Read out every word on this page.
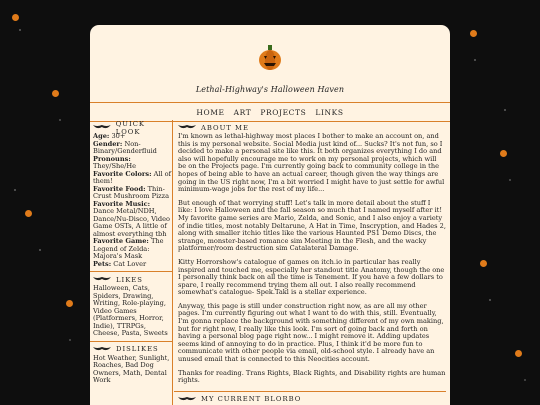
Lethal-Highway's Halloween Haven
HOME ART PROJECTS LINKS
QUICK LOOK
Age: 30+
Gender: Non-Binary/Genderfluid
Pronouns: They/She/He
Favorite Colors: All of them!
Favorite Food: Thin-Crust Mushroom Pizza
Favorite Music: Dance Metal/NDH, Dance/Nu-Disco, Video Game OSTs, A little of almost everything tbh
Favorite Game: The Legend of Zelda: Majora's Mask
Pets: Cat Lover
LIKES
Halloween, Cats, Spiders, Drawing, Writing, Role-playing, Video Games (Platformers, Horror, Indie), TTRPGs, Cheese, Pasta, Sweets
DISLIKES
Hot Weather, Sunlight, Roaches, Bad Dog Owners, Math, Dental Work
ABOUT ME

I'm known as lethal-highway most places I bother to make an account on, and this is my personal website. Social Media just kind of... Sucks? It's not fun, so I decided to make a personal site like this. It both organizes everything I do and also will hopefully encourage me to work on my personal projects, which will be on the Projects page. I'm currently going back to community college in the hopes of being able to have an actual career, though given the way things are going in the US right now, I'm a bit worried I might have to just settle for awful minimum-wage jobs for the rest of my life...

But enough of that worrying stuff! Let's talk in more detail about the stuff I like: I love Halloween and the fall season so much that I named myself after it! My favorite game series are Mario, Zelda, and Sonic, and I also enjoy a variety of indie titles, most notably Deltarune, A Hat in Time, Inscryption, and Hades 2, along with smaller itchio titles like the various Haunted PS1 Demo Discs, the strange, monster-based romance sim Meeting in the Flesh, and the wacky platformer/room destruction sim Catalateral Damage.

Kitty Horrorshow's catalogue of games on itch.io in particular has really inspired and touched me, especially her standout title Anatomy, though the one I personally think back on all the time is Tenement. If you have a few dollars to spare, I really recommend trying them all out. I also really recommend somewhat's catalogue- Spek.Takl is a stellar experience.

Anyway, this page is still under construction right now, as are all my other pages. I'm currently figuring out what I want to do with this, still. Eventually, I'm gonna replace the background with something different of my own making, but for right now, I really like this look. I'm sort of going back and forth on having a personal blog page right now... I might remove it. Adding updates seems kind of annoying to do in practice. Plus, I think it'd be more fun to communicate with other people via email, old-school style. I already have an unused email that is connected to this Neocities account.

Thanks for reading. Trans Rights, Black Rights, and Disability rights are human rights.

MY CURRENT BLORBO
